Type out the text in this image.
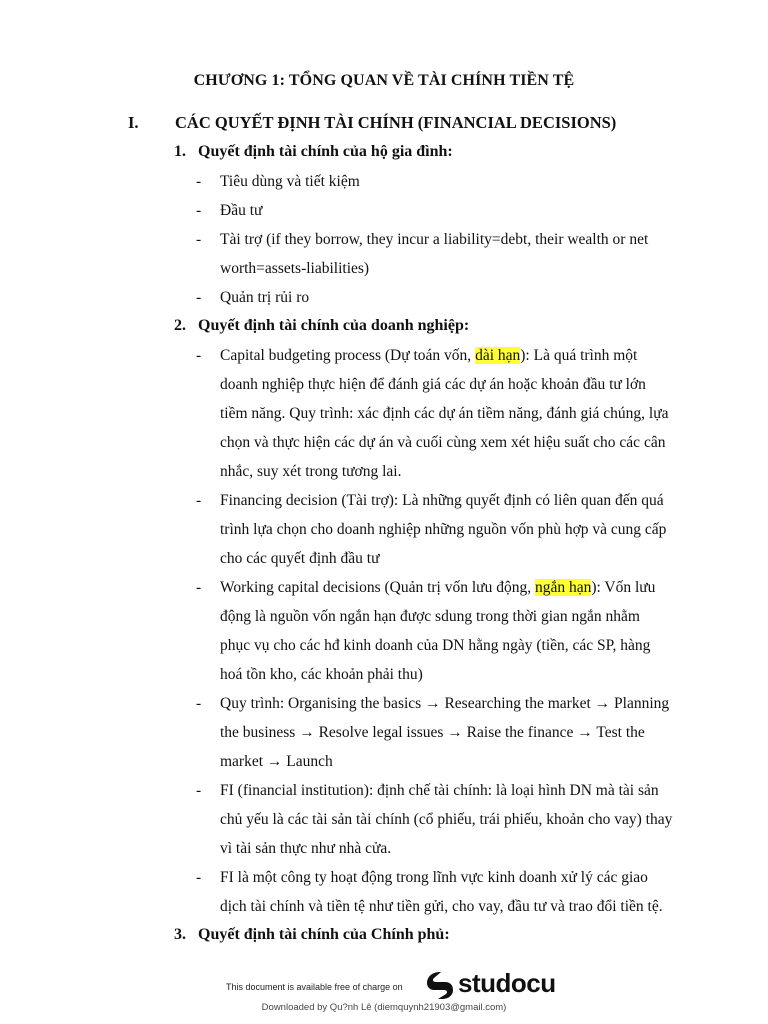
CHƯƠNG 1: TỔNG QUAN VỀ TÀI CHÍNH TIỀN TỆ
I. CÁC QUYẾT ĐỊNH TÀI CHÍNH (FINANCIAL DECISIONS)
1. Quyết định tài chính của hộ gia đình:
-	Tiêu dùng và tiết kiệm
-	Đầu tư
-	Tài trợ (if they borrow, they incur a liability=debt, their wealth or net
worth=assets-liabilities)
-	Quản trị rủi ro
2. Quyết định tài chính của doanh nghiệp:
-	Capital budgeting process (Dự toán vốn, dài hạn): Là quá trình một
doanh nghiệp thực hiện để đánh giá các dự án hoặc khoản đầu tư lớn
tiềm năng. Quy trình: xác định các dự án tiềm năng, đánh giá chúng, lựa
chọn và thực hiện các dự án và cuối cùng xem xét hiệu suất cho các cân
nhắc, suy xét trong tương lai.
-	Financing decision (Tài trợ): Là những quyết định có liên quan đến quá
trình lựa chọn cho doanh nghiệp những nguồn vốn phù hợp và cung cấp
cho các quyết định đầu tư
-	Working capital decisions (Quản trị vốn lưu động, ngắn hạn): Vốn lưu
động là nguồn vốn ngắn hạn được sdung trong thời gian ngắn nhằm
phục vụ cho các hđ kinh doanh của DN hằng ngày (tiền, các SP, hàng
hoá tồn kho, các khoản phải thu)
-	Quy trình: Organising the basics → Researching the market → Planning
the business → Resolve legal issues → Raise the finance → Test the
market → Launch
-	FI (financial institution): định chế tài chính: là loại hình DN mà tài sản
chủ yếu là các tài sản tài chính (cổ phiếu, trái phiếu, khoản cho vay) thay
vì tài sản thực như nhà cửa.
-	FI là một công ty hoạt động trong lĩnh vực kinh doanh xử lý các giao
dịch tài chính và tiền tệ như tiền gửi, cho vay, đầu tư và trao đổi tiền tệ.
3. Quyết định tài chính của Chính phủ:
This document is available free of charge on studocu
Downloaded by Qu?nh Lê (diemquynh21903@gmail.com)
